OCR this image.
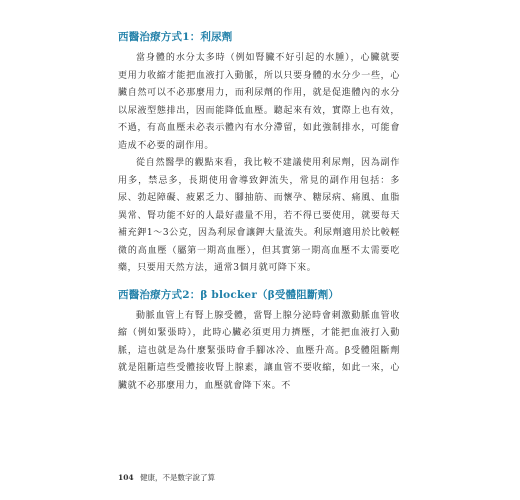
西醫治療方式1：利尿劑

當身體的水分太多時（例如腎臟不好引起的水腫），心臟就要更用力收縮才能把血液打入動脈，所以只要身體的水分少一些，心臟自然可以不必那麼用力，而利尿劑的作用，就是促進體內的水分以尿液型態排出，因而能降低血壓。聽起來有效，實際上也有效，不過，有高血壓未必表示體內有水分滯留，如此強制排水，可能會造成不必要的副作用。

從自然醫學的觀點來看，我比較不建議使用利尿劑，因為副作用多，禁忌多，長期使用會導致鉀流失，常見的副作用包括：多尿、勃起障礙、疲累乏力、腳抽筋、而懷孕、糖尿病、痛風、血脂異常、腎功能不好的人最好盡量不用，若不得已要使用，就要每天補充鉀1〜3公克，因為利尿會讓鉀大量流失。利尿劑適用於比較輕微的高血壓（屬第一期高血壓），但其實第一期高血壓不太需要吃藥，只要用天然方法，通常3個月就可降下來。

西醫治療方式2：β blocker（β受體阻斷劑）

動脈血管上有腎上腺受體，當腎上腺分泌時會刺激動脈血管收縮（例如緊張時），此時心臟必須更用力擠壓，才能把血液打入動脈，這也就是為什麼緊張時會手腳冰冷、血壓升高。β受體阻斷劑就是阻斷這些受體接收腎上腺素，讓血管不要收縮，如此一來，心臟就不必那麼用力，血壓就會降下來。不

104 健康，不是數字說了算
